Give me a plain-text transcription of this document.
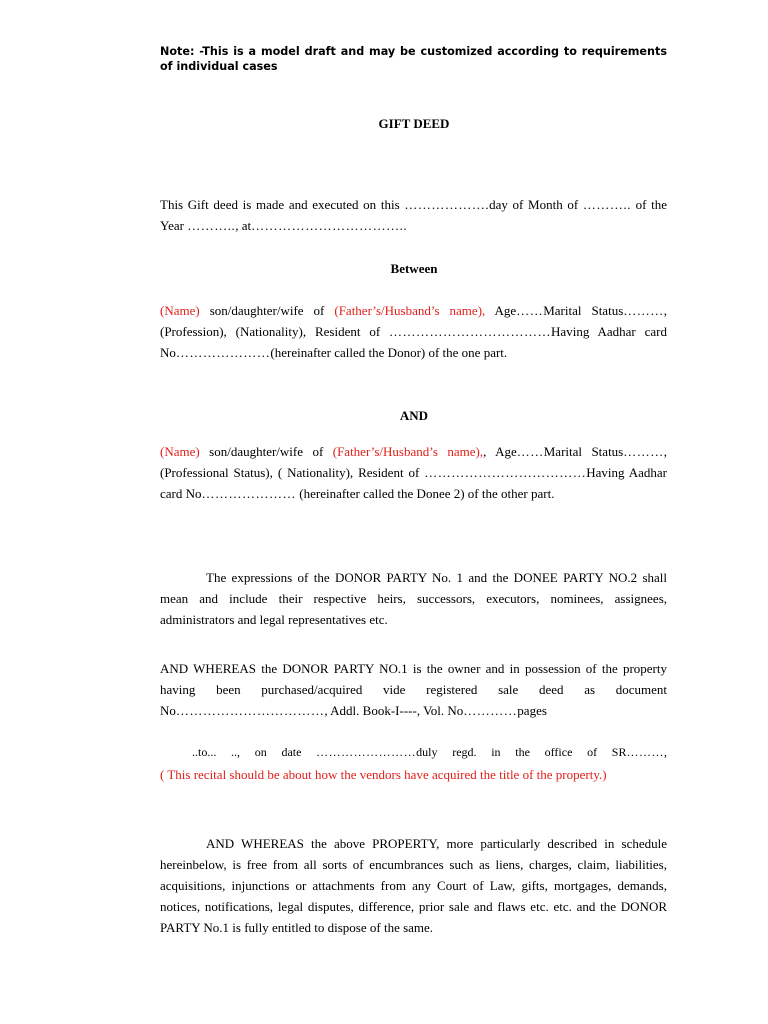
Note: -This is a model draft and may be customized according to requirements of individual cases
GIFT DEED
This Gift deed is made and executed on this ……………….day of Month of ……….. of the Year ……….., at……………………………..
Between
(Name) son/daughter/wife of (Father’s/Husband’s name), Age……Marital Status………, (Profession), (Nationality), Resident of ………………………………Having Aadhar card No…………………(hereinafter called the Donor) of the one part.
AND
(Name) son/daughter/wife of (Father’s/Husband’s name),, Age……Marital Status………, (Professional Status), ( Nationality), Resident of ………………………………Having Aadhar card No………………… (hereinafter called the Donee 2) of the other part.
The expressions of the DONOR PARTY No. 1 and the DONEE PARTY NO.2 shall mean and include their respective heirs, successors, executors, nominees, assignees, administrators and legal representatives etc.
AND WHEREAS the DONOR PARTY NO.1 is the owner and in possession of the property having been purchased/acquired vide registered sale deed as document No……………………………, Addl. Book-I----, Vol. No…………pages
..to... .., on date ……………………duly regd. in the office of SR………,
( This recital should be about how the vendors have acquired the title of the property.)
AND WHEREAS the above PROPERTY, more particularly described in schedule hereinbelow, is free from all sorts of encumbrances such as liens, charges, claim, liabilities, acquisitions, injunctions or attachments from any Court of Law, gifts, mortgages, demands, notices, notifications, legal disputes, difference, prior sale and flaws etc. etc. and the DONOR PARTY No.1 is fully entitled to dispose of the same.
